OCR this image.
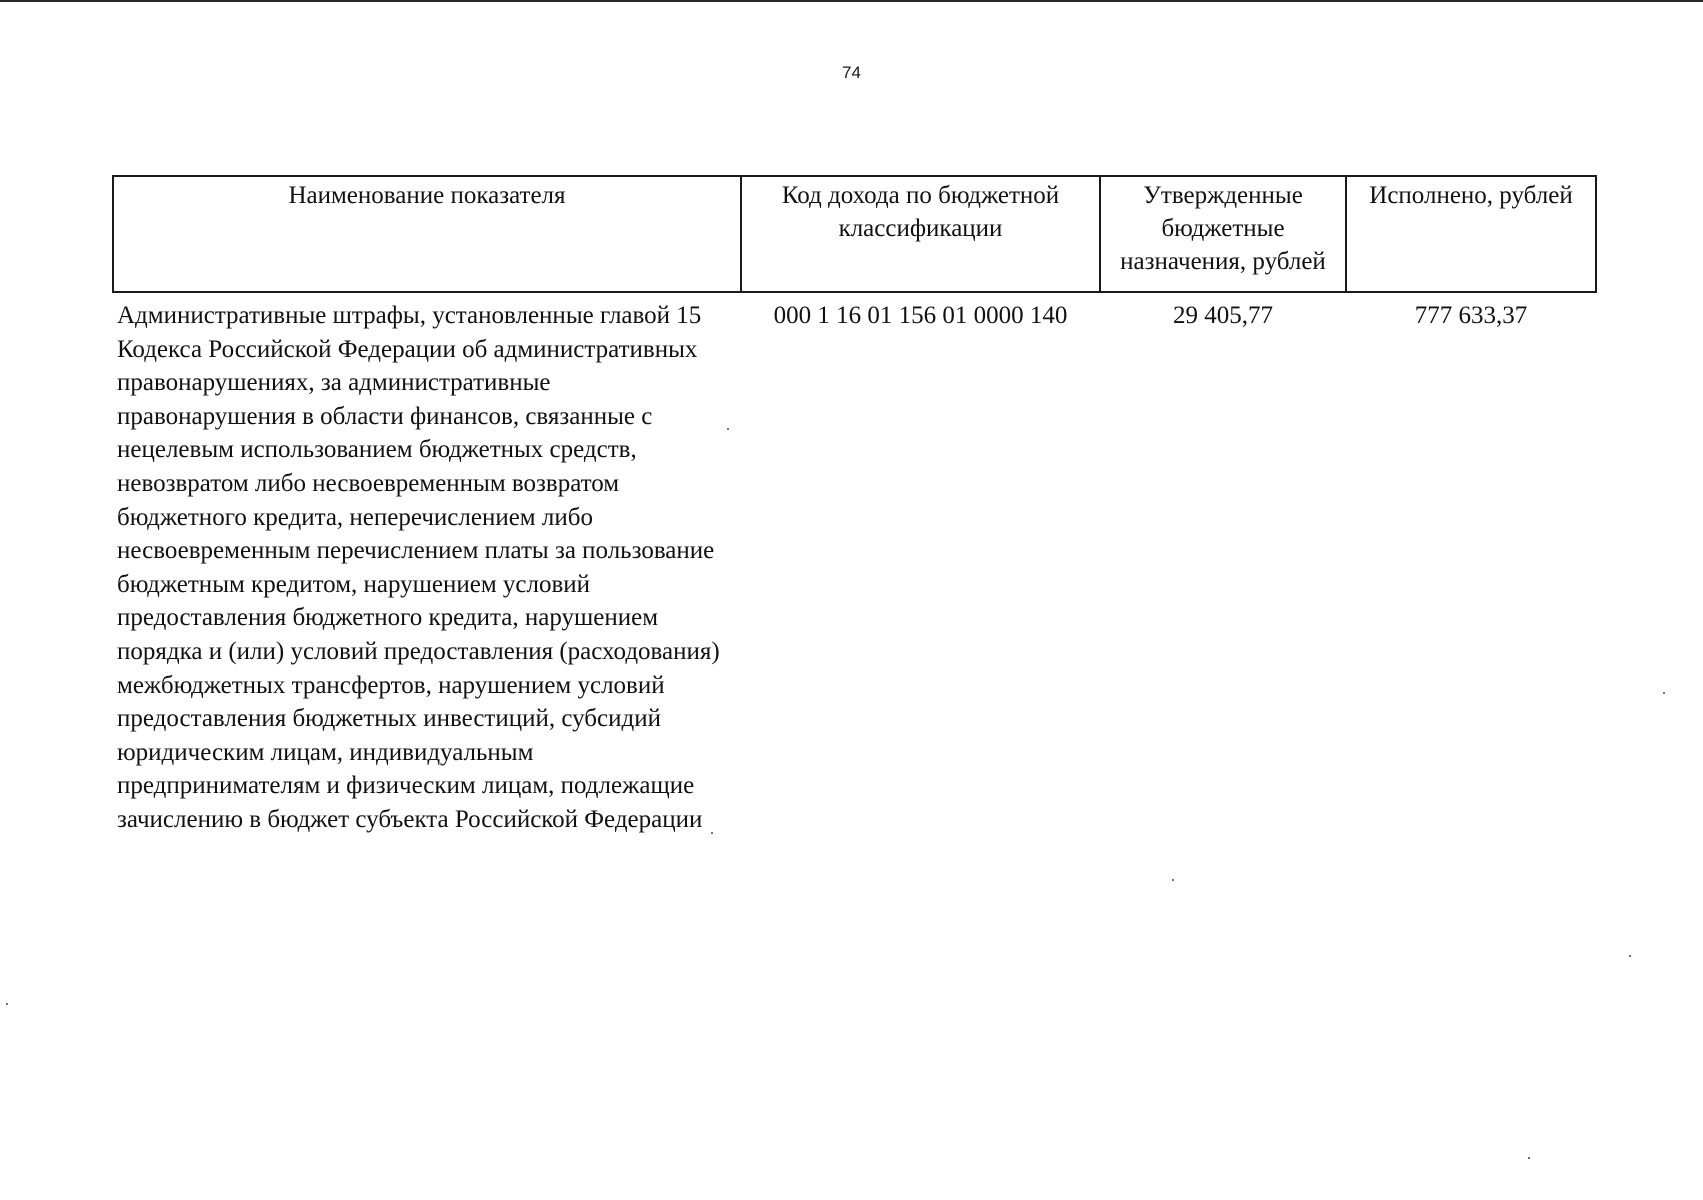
74
Наименование показателя	Код дохода по бюджетной классификации	Утвержденные бюджетные назначения, рублей	Исполнено, рублей
Административные штрафы, установленные главой 15 Кодекса Российской Федерации об административных правонарушениях, за административные правонарушения в области финансов, связанные с нецелевым использованием бюджетных средств, невозвратом либо несвоевременным возвратом бюджетного кредита, неперечислением либо несвоевременным перечислением платы за пользование бюджетным кредитом, нарушением условий предоставления бюджетного кредита, нарушением порядка и (или) условий предоставления (расходования) межбюджетных трансфертов, нарушением условий предоставления бюджетных инвестиций, субсидий юридическим лицам, индивидуальным предпринимателям и физическим лицам, подлежащие зачислению в бюджет субъекта Российской Федерации	000 1 16 01 156 01 0000 140	29 405,77	777 633,37
